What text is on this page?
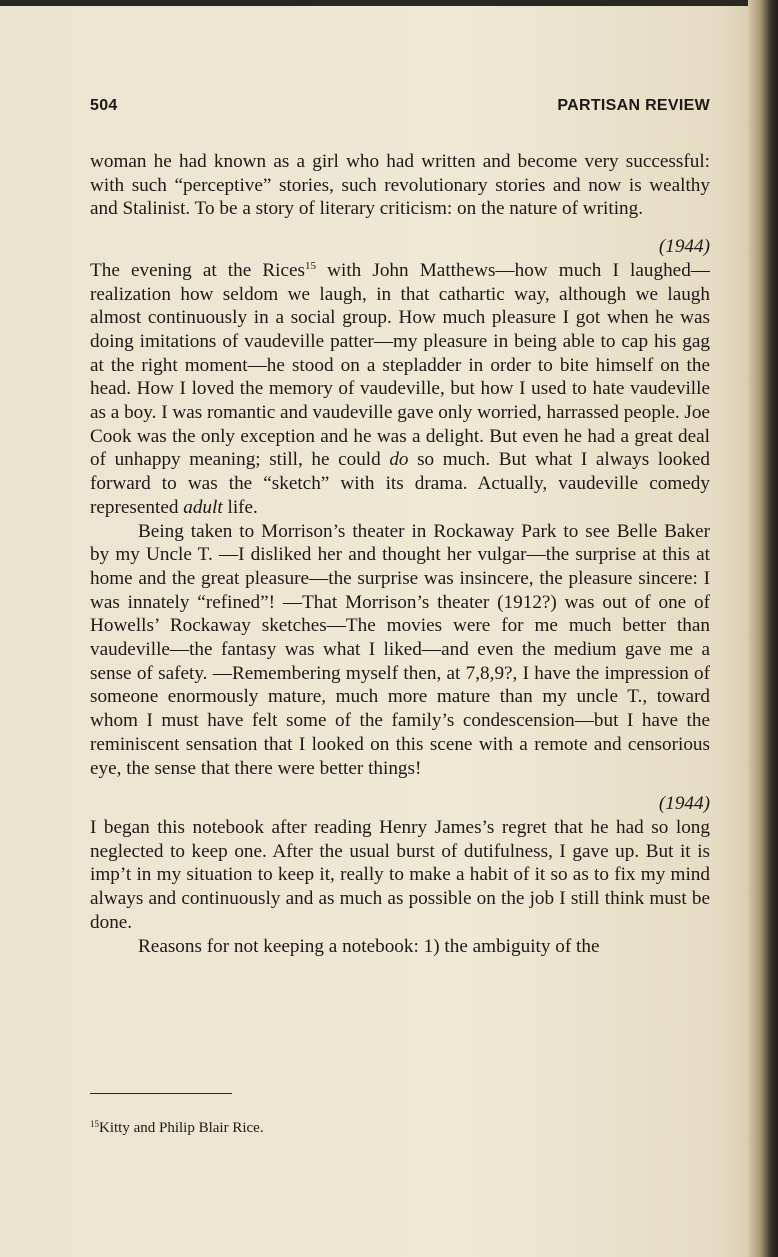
504	PARTISAN REVIEW

woman he had known as a girl who had written and become very successful: with such “perceptive” stories, such revolutionary stories and now is wealthy and Stalinist. To be a story of literary criticism: on the nature of writing.

(1944)

The evening at the Rices$^{15}$ with John Matthews—how much I laughed—realization how seldom we laugh, in that cathartic way, although we laugh almost continuously in a social group. How much pleasure I got when he was doing imitations of vaudeville patter—my pleasure in being able to cap his gag at the right moment—he stood on a stepladder in order to bite himself on the head. How I loved the memory of vaudeville, but how I used to hate vaudeville as a boy. I was romantic and vaudeville gave only worried, harrassed people. Joe Cook was the only exception and he was a delight. But even he had a great deal of unhappy meaning; still, he could do so much. But what I always looked forward to was the “sketch” with its drama. Actually, vaudeville comedy represented adult life.

Being taken to Morrison’s theater in Rockaway Park to see Belle Baker by my Uncle T. —I disliked her and thought her vulgar—the surprise at this at home and the great pleasure—the surprise was insincere, the pleasure sincere: I was innately “refined”! —That Morrison’s theater (1912?) was out of one of Howells’ Rockaway sketches—The movies were for me much better than vaudeville—the fantasy was what I liked—and even the medium gave me a sense of safety. —Remembering myself then, at 7,8,9?, I have the impression of someone enormously mature, much more mature than my uncle T., toward whom I must have felt some of the family’s condescension—but I have the reminiscent sensation that I looked on this scene with a remote and censorious eye, the sense that there were better things!

(1944)

I began this notebook after reading Henry James’s regret that he had so long neglected to keep one. After the usual burst of dutifulness, I gave up. But it is imp’t in my situation to keep it, really to make a habit of it so as to fix my mind always and continuously and as much as possible on the job I still think must be done.

Reasons for not keeping a notebook: 1) the ambiguity of the

$^{15}$Kitty and Philip Blair Rice.
